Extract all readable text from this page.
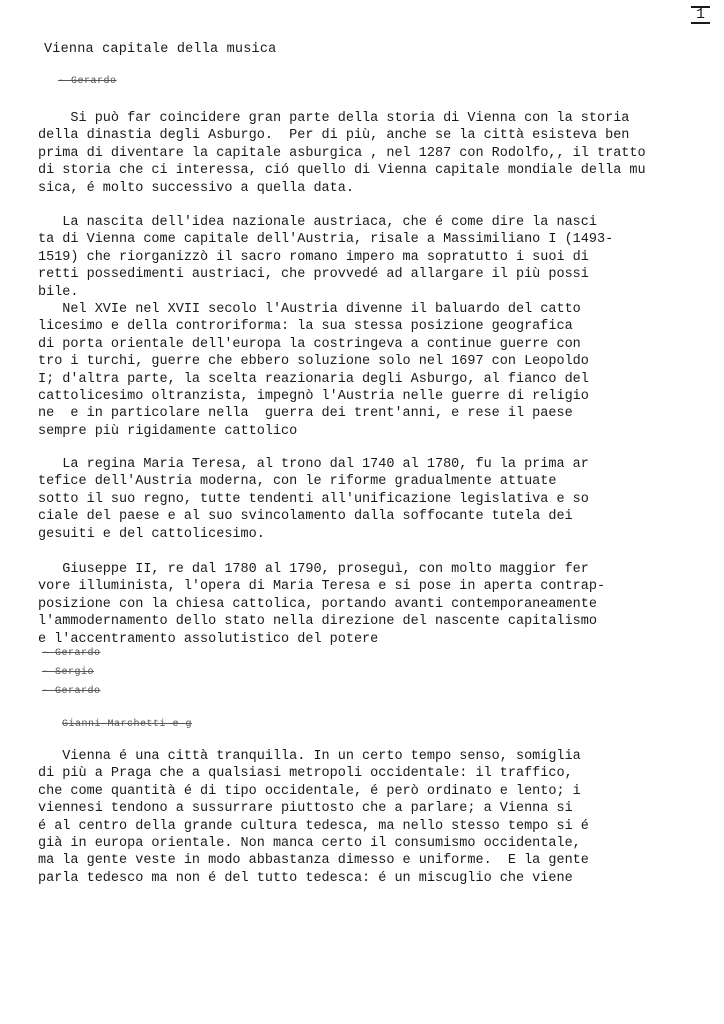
1
Vienna capitale della musica
- Gerardo

Si può far coincidere gran parte della storia di Vienna con la storia
della dinastia degli Asburgo.  Per di più, anche se la città esisteva ben
prima di diventare la capitale asburgica , nel 1287 con Rodolfo,, il tratto
di storia che ci interessa, ció quello di Vienna capitale mondiale della mu
sica, é molto successivo a quella data.

La nascita dell'idea nazionale austriaca, che é come dire la nasci
ta di Vienna come capitale dell'Austria, risale a Massimiliano I (1493-
1519) che riorganizzò il sacro romano impero ma sopratutto i suoi di
retti possedimenti austriaci, che provvedé ad allargare il più possi
bile.

Nel XVIe nel XVII secolo l'Austria divenne il baluardo del catto
licesimo e della controriforma: la sua stessa posizione geografica
di porta orientale dell'europa la costringeva a continue guerre con
tro i turchi, guerre che ebbero soluzione solo nel 1697 con Leopoldo
I; d'altra parte, la scelta reazionaria degli Asburgo, al fianco del
cattolicesimo oltranzista, impegnò l'Austria nelle guerre di religio
ne  e in particolare nella  guerra dei trent'anni, e rese il paese
sempre più rigidamente cattolico

La regina Maria Teresa, al trono dal 1740 al 1780, fu la prima ar
tefice dell'Austria moderna, con le riforme gradualmente attuate
sotto il suo regno, tutte tendenti all'unificazione legislativa e so
ciale del paese e al suo svincolamento dalla soffocante tutela dei
gesuiti e del cattolicesimo.

Giuseppe II, re dal 1780 al 1790, proseguì, con molto maggior fer
vore illuminista, l'opera di Maria Teresa e si pose in aperta contrap-
posizione con la chiesa cattolica, portando avanti contemporaneamente
l'ammodernamento dello stato nella direzione del nascente capitalismo
e l'accentramento assolutistico del potere

- Gerardo
- Sergio
- Gerardo
Gianni Marchetti e g

Vienna é una città tranquilla. In un certo tempo senso, somiglia
di più a Praga che a qualsiasi metropoli occidentale: il traffico,
che come quantità é di tipo occidentale, é però ordinato e lento; i
viennesi tendono a sussurrare piuttosto che a parlare; a Vienna si
é al centro della grande cultura tedesca, ma nello stesso tempo si é
già in europa orientale. Non manca certo il consumismo occidentale,
ma la gente veste in modo abbastanza dimesso e uniforme.  E la gente
parla tedesco ma non é del tutto tedesca: é un miscuglio che viene
